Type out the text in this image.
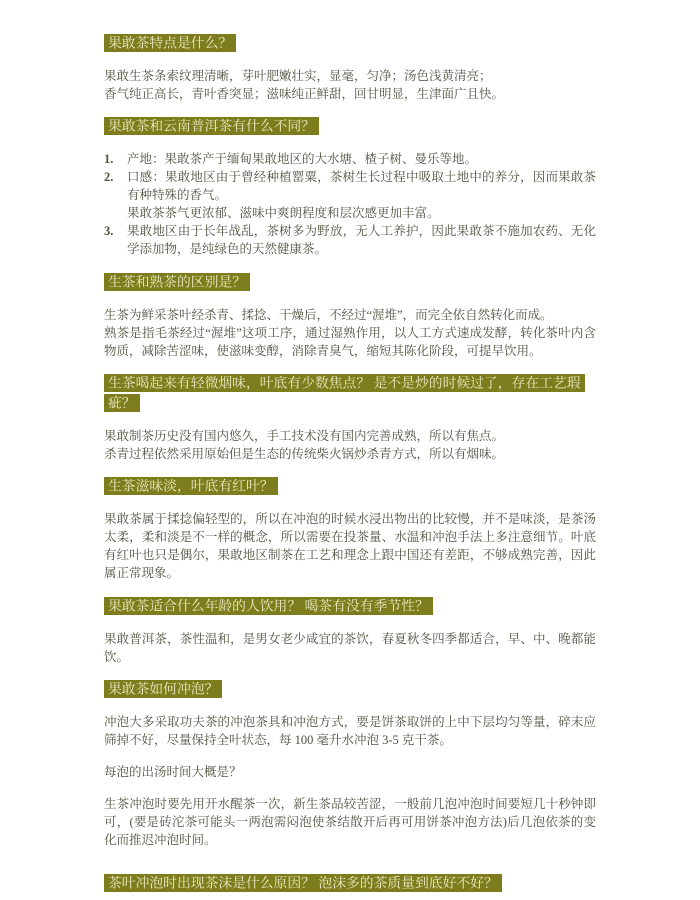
果敢茶特点是什么？
果敢生茶条索纹理清晰，芽叶肥嫩壮实，显毫，匀净；汤色浅黄清亮；
香气纯正高长，青叶香突显；滋味纯正鲜甜，回甘明显，生津面广且快。
果敢茶和云南普洱茶有什么不同？
1.	产地：果敢茶产于缅甸果敢地区的大水塘、楂子树、曼乐等地。
2.	口感：果敢地区由于曾经种植罂粟，茶树生长过程中吸取土地中的养分，因而果敢茶有种特殊的香气。
果敢茶茶气更浓郁、滋味中爽朗程度和层次感更加丰富。
3.	果敢地区由于长年战乱，茶树多为野放，无人工养护，因此果敢茶不施加农药、无化学添加物，是纯绿色的天然健康茶。
生茶和熟茶的区别是？
生茶为鲜采茶叶经杀青、揉捻、干燥后，不经过“渥堆”，而完全依自然转化而成。
熟茶是指毛茶经过“渥堆”这项工序，通过湿熟作用，以人工方式速成发酵，转化茶叶内含物质，减除苦涩味，使滋味变醇，消除青臭气，缩短其陈化阶段，可提早饮用。
生茶喝起来有轻微烟味，叶底有少数焦点？ 是不是炒的时候过了，存在工艺瑕疵？
果敢制茶历史没有国内悠久，手工技术没有国内完善成熟，所以有焦点。
杀青过程依然采用原始但是生态的传统柴火锅炒杀青方式，所以有烟味。
生茶滋味淡，叶底有红叶？
果敢茶属于揉捻偏轻型的，所以在冲泡的时候水浸出物出的比较慢，并不是味淡，是茶汤太柔，柔和淡是不一样的概念，所以需要在投茶量、水温和冲泡手法上多注意细节。叶底有红叶也只是偶尔，果敢地区制茶在工艺和理念上跟中国还有差距，不够成熟完善，因此属正常现象。
果敢茶适合什么年龄的人饮用？ 喝茶有没有季节性？
果敢普洱茶，茶性温和，是男女老少咸宜的茶饮，春夏秋冬四季都适合，早、中、晚都能饮。
果敢茶如何冲泡？
冲泡大多采取功夫茶的冲泡茶具和冲泡方式，要是饼茶取饼的上中下层均匀等量，碎末应筛掉不好，尽量保持全叶状态，每 100 毫升水冲泡 3-5 克干茶。
每泡的出汤时间大概是？
生茶冲泡时要先用开水醒茶一次，新生茶品较苦涩，一般前几泡冲泡时间要短几十秒钟即可，(要是砖沱茶可能头一两泡需闷泡使茶结散开后再可用饼茶冲泡方法)后几泡依茶的变化而推迟冲泡时间。
茶叶冲泡时出现茶沫是什么原因？ 泡沫多的茶质量到底好不好？
